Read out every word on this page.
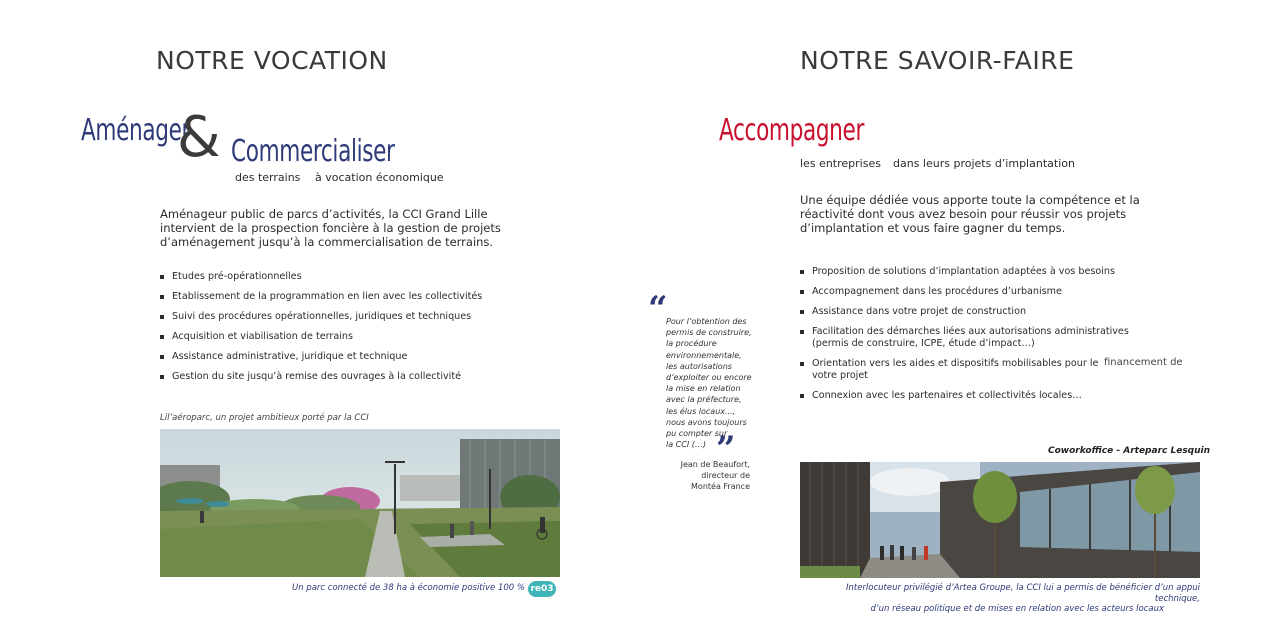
NOTRE VOCATION
Aménager
& Commercialiser
des terrains à vocation économique
Aménageur public de parcs d’activités, la CCI Grand Lille intervient de la prospection foncière à la gestion de projets d’aménagement jusqu’à la commercialisation de terrains.
Etudes pré-opérationnelles
Etablissement de la programmation en lien avec les collectivités
Suivi des procédures opérationnelles, juridiques et techniques
Acquisition et viabilisation de terrains
Assistance administrative, juridique et technique
Gestion du site jusqu’à remise des ouvrages à la collectivité
Lil’aéroparc, un projet ambitieux porté par la CCI
Un parc connecté de 38 ha à économie positive 100 % re03
“
Pour l’obtention des
permis de construire,
la procédure
environnementale,
les autorisations
d’exploiter ou encore
la mise en relation
avec la préfecture,
les élus locaux...,
nous avons toujours
pu compter sur
la CCI (…) ”
Jean de Beaufort,
directeur de
Montéa France
NOTRE SAVOIR-FAIRE
Accompagner
les entreprises dans leurs projets d’implantation
Une équipe dédiée vous apporte toute la compétence et la réactivité dont vous avez besoin pour réussir vos projets d’implantation et vous faire gagner du temps.
Proposition de solutions d’implantation adaptées à vos besoins
Accompagnement dans les procédures d’urbanisme
Assistance dans votre projet de construction
Facilitation des démarches liées aux autorisations administratives (permis de construire, ICPE, étude d’impact…)
Orientation vers les aides et dispositifs mobilisables pour le
votre projet
Connexion avec les partenaires et collectivités locales…
financement de
Coworkoffice - Arteparc Lesquin
Interlocuteur privilégié d’Artea Groupe, la CCI lui a permis de bénéficier d’un appui technique,
d’un réseau politique et de mises en relation avec les acteurs locaux
